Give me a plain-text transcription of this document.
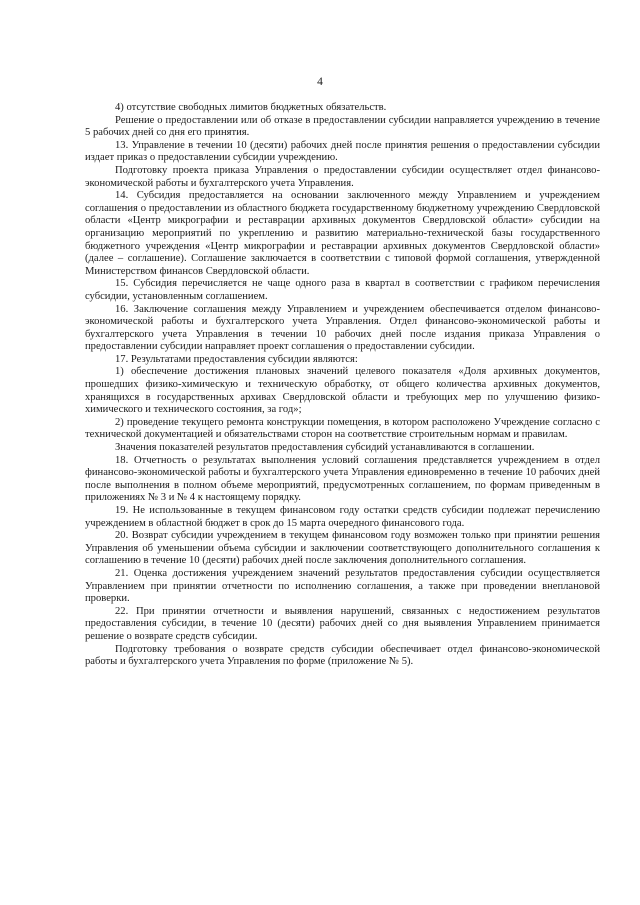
4

4) отсутствие свободных лимитов бюджетных обязательств.

Решение о предоставлении или об отказе в предоставлении субсидии направляется учреждению в течение 5 рабочих дней со дня его принятия.

13. Управление в течении 10 (десяти) рабочих дней после принятия решения о предоставлении субсидии издает приказ о предоставлении субсидии учреждению.

Подготовку проекта приказа Управления о предоставлении субсидии осуществляет отдел финансово-экономической работы и бухгалтерского учета Управления.

14. Субсидия предоставляется на основании заключенного между Управлением и учреждением соглашения о предоставлении из областного бюджета государственному бюджетному учреждению Свердловской области «Центр микрографии и реставрации архивных документов Свердловской области» субсидии на организацию мероприятий по укреплению и развитию материально-технической базы государственного бюджетного учреждения «Центр микрографии и реставрации архивных документов Свердловской области» (далее – соглашение). Соглашение заключается в соответствии с типовой формой соглашения, утвержденной Министерством финансов Свердловской области.

15. Субсидия перечисляется не чаще одного раза в квартал в соответствии с графиком перечисления субсидии, установленным соглашением.

16. Заключение соглашения между Управлением и учреждением обеспечивается отделом финансово-экономической работы и бухгалтерского учета Управления. Отдел финансово-экономической работы и бухгалтерского учета Управления в течении 10 рабочих дней после издания приказа Управления о предоставлении субсидии направляет проект соглашения о предоставлении субсидии.

17. Результатами предоставления субсидии являются:

1) обеспечение достижения плановых значений целевого показателя «Доля архивных документов, прошедших физико-химическую и техническую обработку, от общего количества архивных документов, хранящихся в государственных архивах Свердловской области и требующих мер по улучшению физико-химического и технического состояния, за год»;

2) проведение текущего ремонта конструкции помещения, в котором расположено Учреждение согласно с технической документацией и обязательствами сторон на соответствие строительным нормам и правилам.

Значения показателей результатов предоставления субсидий устанавливаются в соглашении.

18. Отчетность о результатах выполнения условий соглашения представляется учреждением в отдел финансово-экономической работы и бухгалтерского учета Управления единовременно в течение 10 рабочих дней после выполнения в полном объеме мероприятий, предусмотренных соглашением, по формам приведенным в приложениях № 3 и № 4 к настоящему порядку.

19. Не использованные в текущем финансовом году остатки средств субсидии подлежат перечислению учреждением в областной бюджет в срок до 15 марта очередного финансового года.

20. Возврат субсидии учреждением в текущем финансовом году возможен только при принятии решения Управления об уменьшении объема субсидии и заключении соответствующего дополнительного соглашения к соглашению в течение 10 (десяти) рабочих дней после заключения дополнительного соглашения.

21. Оценка достижения учреждением значений результатов предоставления субсидии осуществляется Управлением при принятии отчетности по исполнению соглашения, а также при проведении внеплановой проверки.

22. При принятии отчетности и выявления нарушений, связанных с недостижением результатов предоставления субсидии, в течение 10 (десяти) рабочих дней со дня выявления Управлением принимается решение о возврате средств субсидии.

Подготовку требования о возврате средств субсидии обеспечивает отдел финансово-экономической работы и бухгалтерского учета Управления по форме (приложение № 5).
